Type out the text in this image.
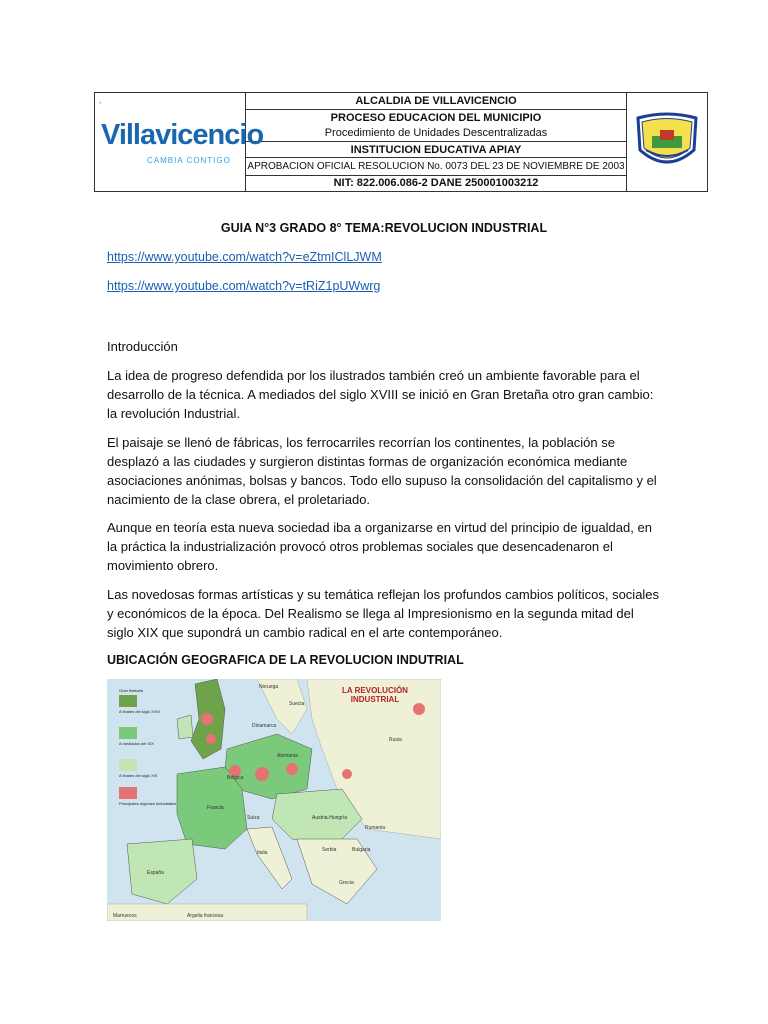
ˎ
Villavicencio
CAMBIA CONTIGO
ALCALDIA DE VILLAVICENCIO
PROCESO EDUCACION DEL MUNICIPIO
Procedimiento de Unidades Descentralizadas
INSTITUCION EDUCATIVA APIAY
APROBACION OFICIAL RESOLUCION No. 0073 DEL 23 DE NOVIEMBRE DE 2003
NIT: 822.006.086-2 DANE 250001003212
GUIA N°3 GRADO 8° TEMA:REVOLUCION INDUSTRIAL
https://www.youtube.com/watch?v=eZtmIClLJWM
https://www.youtube.com/watch?v=tRiZ1pUWwrg
Introducción

La idea de progreso defendida por los ilustrados también creó un ambiente favorable para el desarrollo de la técnica. A mediados del siglo XVIII se inició en Gran Bretaña otro gran cambio: la revolución Industrial.

El paisaje se llenó de fábricas, los ferrocarriles recorrían los continentes, la población se desplazó a las ciudades y surgieron distintas formas de organización económica mediante asociaciones anónimas, bolsas y bancos. Todo ello supuso la consolidación del capitalismo y el nacimiento de la clase obrera, el proletariado.

Aunque en teoría esta nueva sociedad iba a organizarse en virtud del principio de igualdad, en la práctica la industrialización provocó otros problemas sociales que desencadenaron el movimiento obrero.

Las novedosas formas artísticas y su temática reflejan los profundos cambios políticos, sociales y económicos de la época. Del Realismo se llega al Impresionismo en la segunda mitad del siglo XIX que supondrá un cambio radical en el arte contemporáneo.

UBICACIÓN GEOGRAFICA DE LA REVOLUCION INDUTRIAL
LA REVOLUCIÓN
INDUSTRIAL
Gran Bretaña
A finales del siglo XVIII
A mediados del XIX
A finales del siglo XIX
Principales regiones industriales
Noruega
Suecia
Dinamarca
Rusia
Alemania
Francia
Austria-Hungría
España
Italia
Rumania
Bulgaria
Grecia
Suiza
Bélgica
Argelia francesa
Marruecos
Serbia
